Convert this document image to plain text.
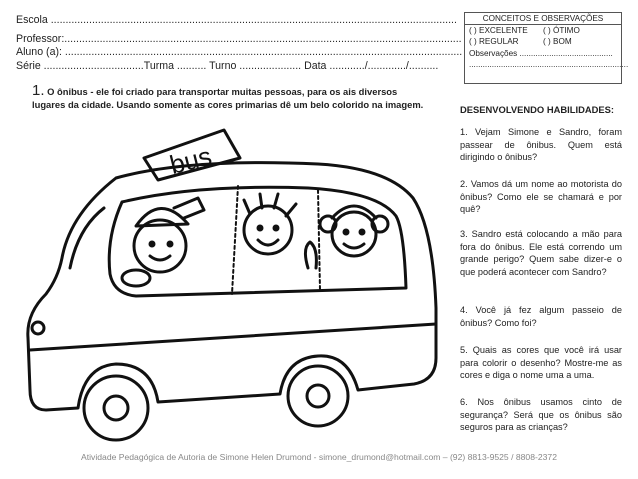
Escola ..........................................................................................................................................
Professor:.......................................................................................................................................
Aluno (a): .......................................................................................................................................
Série ..................................Turma .......... Turno ..................... Data ............/............./..........
CONCEITOS E OBSERVAÇÕES
( ) EXCELENTE	( ) ÓTIMO
( ) REGULAR	( ) BOM
Observações .........................................
......................................................................
1. O ônibus - ele foi criado para transportar muitas pessoas, para os ais diversos lugares da cidade. Usando somente as cores primarias dê um belo colorido na imagem.
bus
DESENVOLVENDO HABILIDADES:

1. Vejam Simone e Sandro, foram passear de ônibus. Quem está dirigindo o ônibus?

2. Vamos dá um nome ao motorista do ônibus? Como ele se chamará e por quê?

3. Sandro está colocando a mão para fora do ônibus. Ele está correndo um grande perigo? Quem sabe dizer-e o que poderá acontecer com Sandro?

4. Você já fez algum passeio de ônibus? Como foi?

5. Quais as cores que você irá usar para colorir o desenho? Mostre-me as cores e diga o nome uma a uma.

6. Nos ônibus usamos cinto de segurança? Será que os ônibus são seguros para as crianças?

Atividade Pedagógica de Autoria de Simone Helen Drumond - simone_drumond@hotmail.com – (92) 8813-9525 / 8808-2372
